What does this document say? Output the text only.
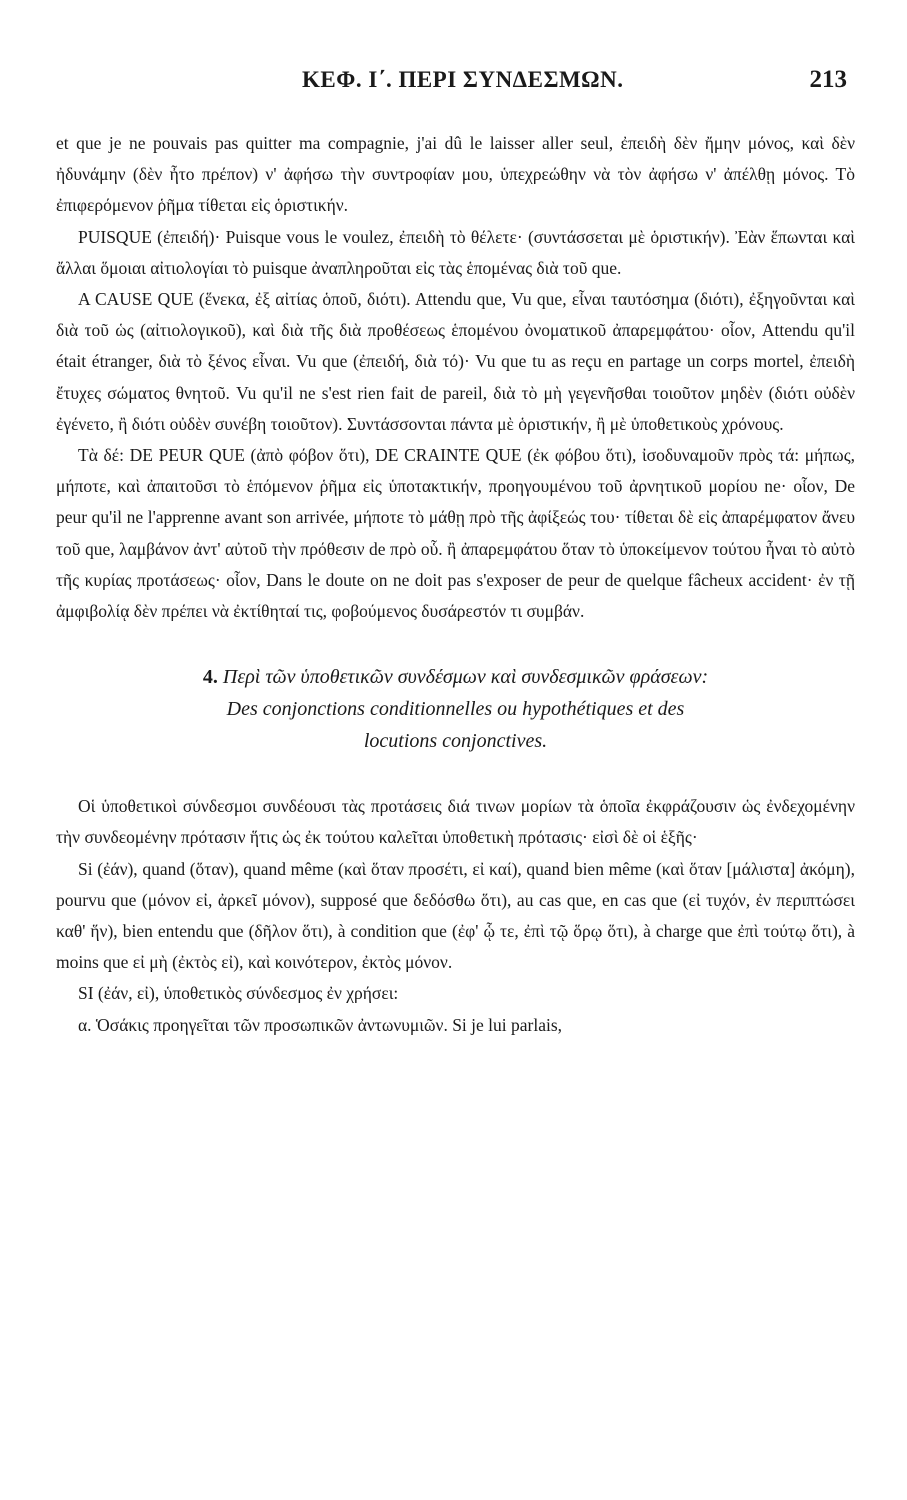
ΚΕΦ. Ι΄. ΠΕΡΙ ΣΥΝΔΕΣΜΩΝ.	213

et que je ne pouvais pas quitter ma compagnie, j'ai dû le laisser aller seul, ἐπειδὴ δὲν ἤμην μόνος, καὶ δὲν ἠδυνάμην (δὲν ἦτο πρέπον) ν' ἀφήσω τὴν συντροφίαν μου, ὑπεχρεώθην νὰ τὸν ἀφήσω ν' ἀπέλθῃ μόνος. Τὸ ἐπιφερόμενον ῥῆμα τίθεται εἰς ὁριστικήν.

PUISQUE (ἐπειδή)· Puisque vous le voulez, ἐπειδὴ τὸ θέλετε· (συντάσσεται μὲ ὁριστικήν). Ἐὰν ἕπωνται καὶ ἄλλαι ὅμοιαι αἰτιολογίαι τὸ puisque ἀναπληροῦται εἰς τὰς ἑπομένας διὰ τοῦ que.

A CAUSE QUE (ἕνεκα, ἐξ αἰτίας ὁποῦ, διότι). Attendu que, Vu que, εἶναι ταυτόσημα (διότι), ἐξηγοῦνται καὶ διὰ τοῦ ὡς (αἰτιολογικοῦ), καὶ διὰ τῆς διὰ προθέσεως ἑπομένου ὀνοματικοῦ ἀπαρεμφάτου· οἷον, Attendu qu'il était étranger, διὰ τὸ ξένος εἶναι. Vu que (ἐπειδή, διὰ τό)· Vu que tu as reçu en partage un corps mortel, ἐπειδὴ ἔτυχες σώματος θνητοῦ. Vu qu'il ne s'est rien fait de pareil, διὰ τὸ μὴ γεγενῆσθαι τοιοῦτον μηδὲν (διότι οὐδὲν ἐγένετο, ἢ διότι οὐδὲν συνέβη τοιοῦτον). Συντάσσονται πάντα μὲ ὁριστικήν, ἢ μὲ ὑποθετικοὺς χρόνους.

Τὰ δέ: DE PEUR QUE (ἀπὸ φόβον ὅτι), DE CRAINTE QUE (ἐκ φόβου ὅτι), ἰσοδυναμοῦν πρὸς τά: μήπως, μήποτε, καὶ ἀπαιτοῦσι τὸ ἑπόμενον ῥῆμα εἰς ὑποτακτικήν, προηγουμένου τοῦ ἀρνητικοῦ μορίου ne· οἷον, De peur qu'il ne l'apprenne avant son arrivée, μήποτε τὸ μάθῃ πρὸ τῆς ἀφίξεώς του· τίθεται δὲ εἰς ἀπαρέμφατον ἄνευ τοῦ que, λαμβάνον ἀντ' αὐτοῦ τὴν πρόθεσιν de πρὸ οὗ. ἢ ἀπαρεμφάτου ὅταν τὸ ὑποκείμενον τούτου ἦναι τὸ αὐτὸ τῆς κυρίας προτάσεως· οἷον, Dans le doute on ne doit pas s'exposer de peur de quelque fâcheux accident· ἐν τῇ ἀμφιβολίᾳ δὲν πρέπει νὰ ἐκτίθηταί τις, φοβούμενος δυσάρεστόν τι συμβάν.

4. Περὶ τῶν ὑποθετικῶν συνδέσμων καὶ συνδεσμικῶν φράσεων:
Des conjonctions conditionnelles ou hypothétiques et des
locutions conjonctives.

Οἱ ὑποθετικοὶ σύνδεσμοι συνδέουσι τὰς προτάσεις διά τινων μορίων τὰ ὁποῖα ἐκφράζουσιν ὡς ἐνδεχομένην τὴν συνδεομένην πρότασιν ἥτις ὡς ἐκ τούτου καλεῖται ὑποθετικὴ πρότασις· εἰσὶ δὲ οἱ ἑξῆς·

Si (ἐάν), quand (ὅταν), quand même (καὶ ὅταν προσέτι, εἰ καί), quand bien même (καὶ ὅταν [μάλιστα] ἀκόμη), pourvu que (μόνον εἰ, ἀρκεῖ μόνον), supposé que δεδόσθω ὅτι), au cas que, en cas que (εἰ τυχόν, ἐν περιπτώσει καθ' ἥν), bien entendu que (δῆλον ὅτι), à condition que (ἐφ' ᾧ τε, ἐπὶ τῷ ὅρῳ ὅτι), à charge que ἐπὶ τούτῳ ὅτι), à moins que εἰ μὴ (ἐκτὸς εἰ), καὶ κοινότερον, ἐκτὸς μόνον.

SI (ἐάν, εἰ), ὑποθετικὸς σύνδεσμος ἐν χρήσει:

α. Ὁσάκις προηγεῖται τῶν προσωπικῶν ἀντωνυμιῶν. Si je lui parlais,
